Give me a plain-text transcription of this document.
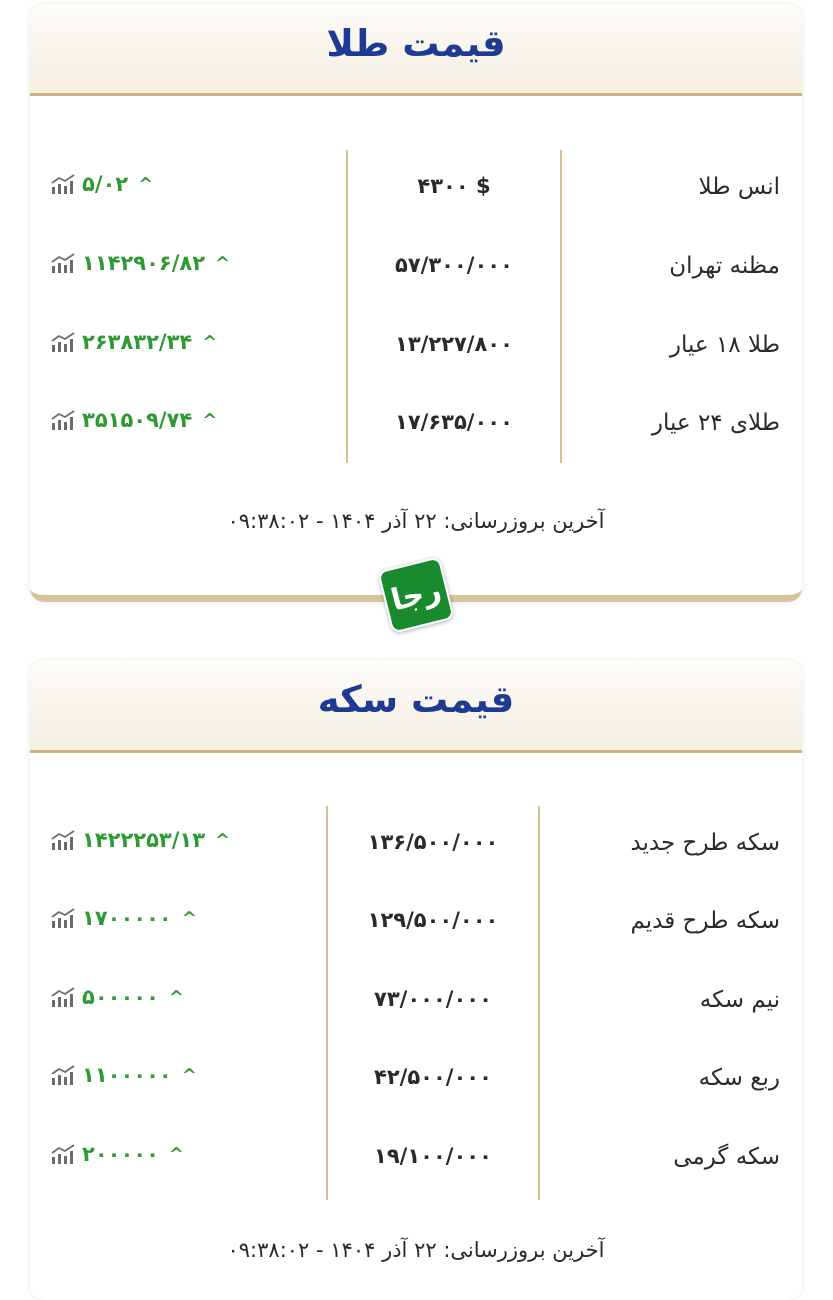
قیمت طلا
انس طلا
$ ۴۳۰۰
۵/۰۲ ^
مظنه تهران
۵۷/۳۰۰/۰۰۰
۱۱۴۲۹۰۶/۸۲ ^
طلا ۱۸ عیار
۱۳/۲۲۷/۸۰۰
۲۶۳۸۳۲/۳۴ ^
طلای ۲۴ عیار
۱۷/۶۳۵/۰۰۰
۳۵۱۵۰۹/۷۴ ^
آخرین بروزرسانی: ۲۲ آذر ۱۴۰۴ - ۰۹:۳۸:۰۲
رجا
قیمت سکه
سکه طرح جدید
۱۳۶/۵۰۰/۰۰۰
۱۴۲۲۲۵۳/۱۳ ^
سکه طرح قدیم
۱۲۹/۵۰۰/۰۰۰
۱۷۰۰۰۰۰ ^
نیم سکه
۷۳/۰۰۰/۰۰۰
۵۰۰۰۰۰ ^
ربع سکه
۴۲/۵۰۰/۰۰۰
۱۱۰۰۰۰۰ ^
سکه گرمی
۱۹/۱۰۰/۰۰۰
۲۰۰۰۰۰ ^
آخرین بروزرسانی: ۲۲ آذر ۱۴۰۴ - ۰۹:۳۸:۰۲
